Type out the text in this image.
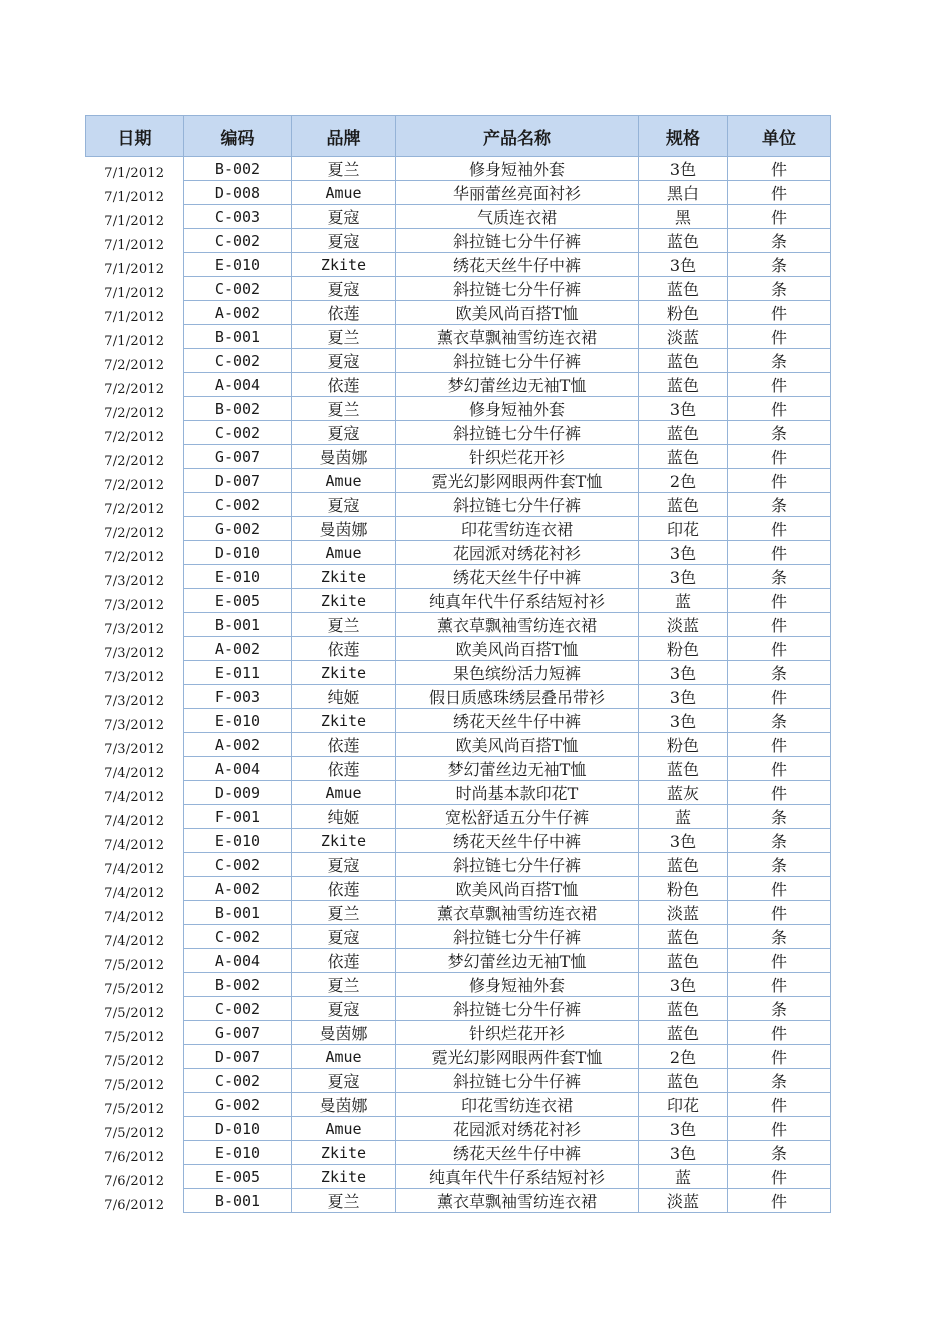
日期	编码	品牌	产品名称	规格	单位
7/1/2012	B-002	夏兰	修身短袖外套	3色	件
7/1/2012	D-008	Amue	华丽蕾丝亮面衬衫	黑白	件
7/1/2012	C-003	夏寇	气质连衣裙	黑	件
7/1/2012	C-002	夏寇	斜拉链七分牛仔裤	蓝色	条
7/1/2012	E-010	Zkite	绣花天丝牛仔中裤	3色	条
7/1/2012	C-002	夏寇	斜拉链七分牛仔裤	蓝色	条
7/1/2012	A-002	依莲	欧美风尚百搭T恤	粉色	件
7/1/2012	B-001	夏兰	薰衣草飘袖雪纺连衣裙	淡蓝	件
7/2/2012	C-002	夏寇	斜拉链七分牛仔裤	蓝色	条
7/2/2012	A-004	依莲	梦幻蕾丝边无袖T恤	蓝色	件
7/2/2012	B-002	夏兰	修身短袖外套	3色	件
7/2/2012	C-002	夏寇	斜拉链七分牛仔裤	蓝色	条
7/2/2012	G-007	曼茵娜	针织烂花开衫	蓝色	件
7/2/2012	D-007	Amue	霓光幻影网眼两件套T恤	2色	件
7/2/2012	C-002	夏寇	斜拉链七分牛仔裤	蓝色	条
7/2/2012	G-002	曼茵娜	印花雪纺连衣裙	印花	件
7/2/2012	D-010	Amue	花园派对绣花衬衫	3色	件
7/3/2012	E-010	Zkite	绣花天丝牛仔中裤	3色	条
7/3/2012	E-005	Zkite	纯真年代牛仔系结短衬衫	蓝	件
7/3/2012	B-001	夏兰	薰衣草飘袖雪纺连衣裙	淡蓝	件
7/3/2012	A-002	依莲	欧美风尚百搭T恤	粉色	件
7/3/2012	E-011	Zkite	果色缤纷活力短裤	3色	条
7/3/2012	F-003	纯姬	假日质感珠绣层叠吊带衫	3色	件
7/3/2012	E-010	Zkite	绣花天丝牛仔中裤	3色	条
7/3/2012	A-002	依莲	欧美风尚百搭T恤	粉色	件
7/4/2012	A-004	依莲	梦幻蕾丝边无袖T恤	蓝色	件
7/4/2012	D-009	Amue	时尚基本款印花T	蓝灰	件
7/4/2012	F-001	纯姬	宽松舒适五分牛仔裤	蓝	条
7/4/2012	E-010	Zkite	绣花天丝牛仔中裤	3色	条
7/4/2012	C-002	夏寇	斜拉链七分牛仔裤	蓝色	条
7/4/2012	A-002	依莲	欧美风尚百搭T恤	粉色	件
7/4/2012	B-001	夏兰	薰衣草飘袖雪纺连衣裙	淡蓝	件
7/4/2012	C-002	夏寇	斜拉链七分牛仔裤	蓝色	条
7/5/2012	A-004	依莲	梦幻蕾丝边无袖T恤	蓝色	件
7/5/2012	B-002	夏兰	修身短袖外套	3色	件
7/5/2012	C-002	夏寇	斜拉链七分牛仔裤	蓝色	条
7/5/2012	G-007	曼茵娜	针织烂花开衫	蓝色	件
7/5/2012	D-007	Amue	霓光幻影网眼两件套T恤	2色	件
7/5/2012	C-002	夏寇	斜拉链七分牛仔裤	蓝色	条
7/5/2012	G-002	曼茵娜	印花雪纺连衣裙	印花	件
7/5/2012	D-010	Amue	花园派对绣花衬衫	3色	件
7/6/2012	E-010	Zkite	绣花天丝牛仔中裤	3色	条
7/6/2012	E-005	Zkite	纯真年代牛仔系结短衬衫	蓝	件
7/6/2012	B-001	夏兰	薰衣草飘袖雪纺连衣裙	淡蓝	件
